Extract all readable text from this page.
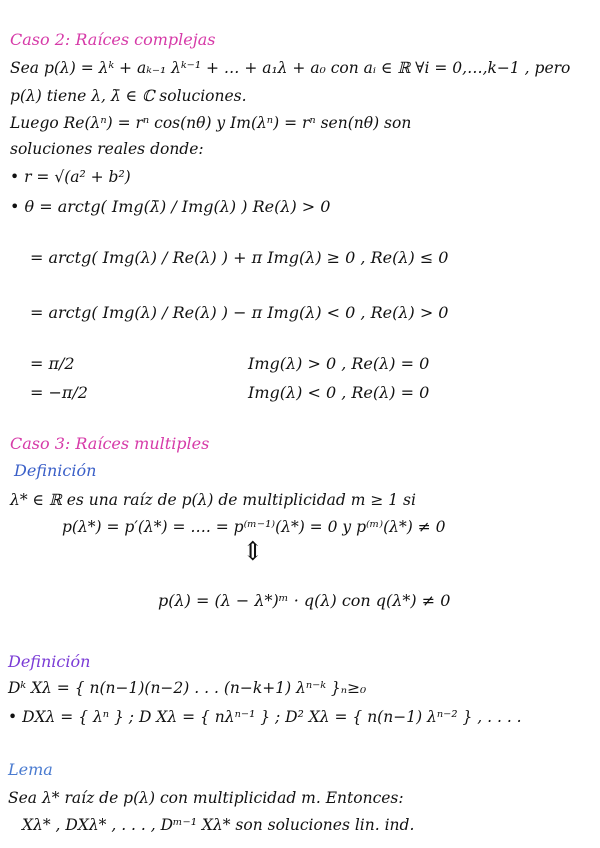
Caso 2: Raíces complejas
Sea p(λ) = λᵏ + aₖ₋₁ λᵏ⁻¹ + … + a₁λ + a₀ con aᵢ ∈ ℝ ∀i = 0,…,k−1 , pero
p(λ) tiene λ, λ̄ ∈ ℂ soluciones.
Luego Re(λⁿ) = rⁿ cos(nθ) y Im(λⁿ) = rⁿ sen(nθ) son
soluciones reales donde:
• r = √(a² + b²)
• θ = arctg( Img(λ̄) / Img(λ) ) Re(λ) > 0
= arctg( Img(λ) / Re(λ) ) + π Img(λ) ≥ 0 , Re(λ) ≤ 0
= arctg( Img(λ) / Re(λ) ) − π Img(λ) < 0 , Re(λ) > 0
= π/2	Img(λ) > 0 , Re(λ) = 0
= −π/2	Img(λ) < 0 , Re(λ) = 0
Caso 3: Raíces multiples
Definición
λ* ∈ ℝ es una raíz de p(λ) de multiplicidad m ≥ 1 si
p(λ*) = p′(λ*) = …. = p⁽ᵐ⁻¹⁾(λ*) = 0 y p⁽ᵐ⁾(λ*) ≠ 0
⇕
p(λ) = (λ − λ*)ᵐ · q(λ) con q(λ*) ≠ 0
Definición
Dᵏ Xλ = { n(n−1)(n−2) . . . (n−k+1) λⁿ⁻ᵏ }ₙ≥₀
• DXλ = { λⁿ } ; D Xλ = { nλⁿ⁻¹ } ; D² Xλ = { n(n−1) λⁿ⁻² } , . . . .
Lema
Sea λ* raíz de p(λ) con multiplicidad m. Entonces:
Xλ* , DXλ* , . . . , Dᵐ⁻¹ Xλ* son soluciones lin. ind.
